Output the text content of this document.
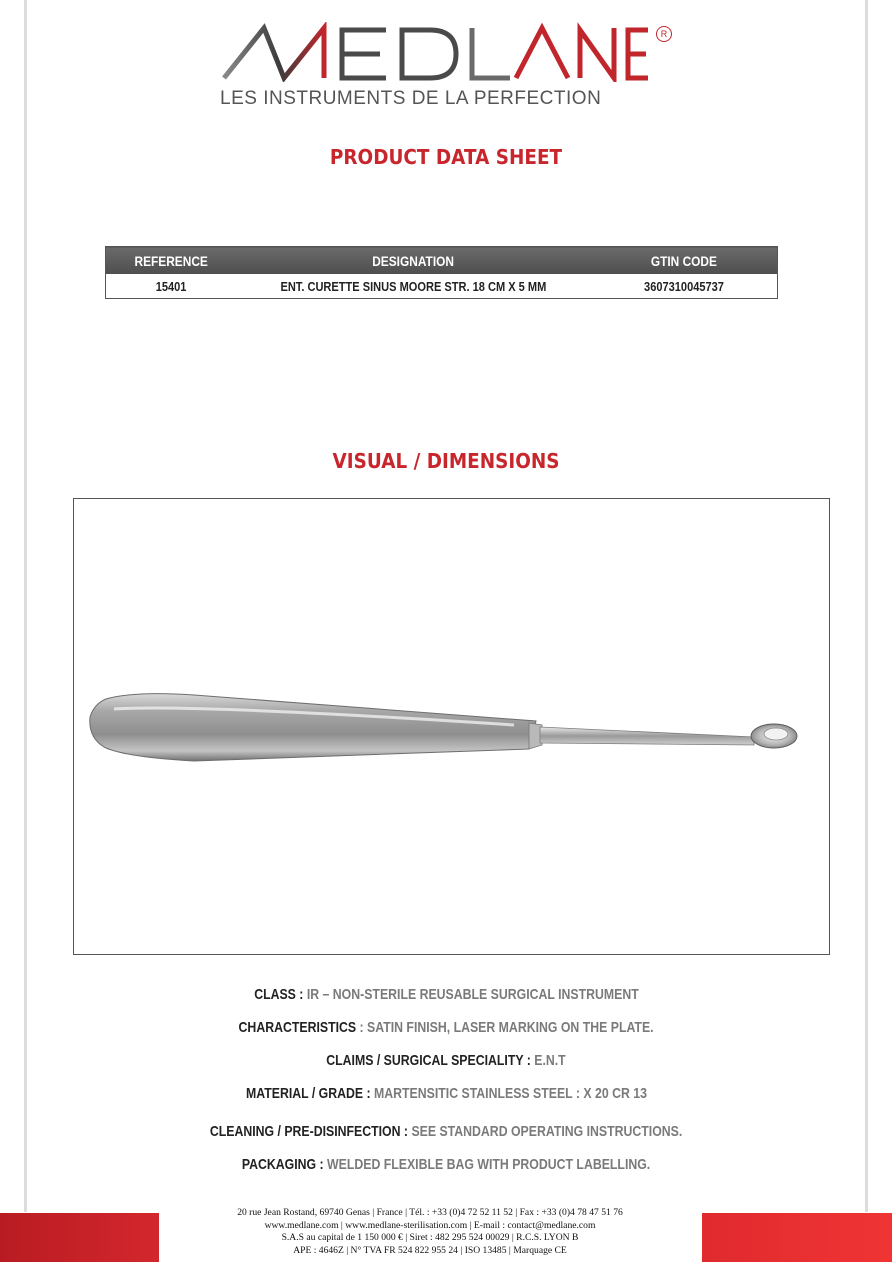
R
LES INSTRUMENTS DE LA PERFECTION
PRODUCT DATA SHEET
REFERENCE	DESIGNATION	GTIN CODE
15401	ENT. CURETTE SINUS MOORE STR. 18 CM X 5 MM	3607310045737
VISUAL / DIMENSIONS
CLASS : IR – NON-STERILE REUSABLE SURGICAL INSTRUMENT
CHARACTERISTICS : SATIN FINISH, LASER MARKING ON THE PLATE.
CLAIMS / SURGICAL SPECIALITY : E.N.T
MATERIAL / GRADE : MARTENSITIC STAINLESS STEEL : X 20 CR 13
CLEANING / PRE-DISINFECTION : SEE STANDARD OPERATING INSTRUCTIONS.
PACKAGING : WELDED FLEXIBLE BAG WITH PRODUCT LABELLING.
20 rue Jean Rostand, 69740 Genas | France | Tél. : +33 (0)4 72 52 11 52 | Fax : +33 (0)4 78 47 51 76
www.medlane.com | www.medlane-sterilisation.com | E-mail : contact@medlane.com
S.A.S au capital de 1 150 000 € | Siret : 482 295 524 00029 | R.C.S. LYON B
APE : 4646Z | N° TVA FR 524 822 955 24 | ISO 13485 | Marquage CE
